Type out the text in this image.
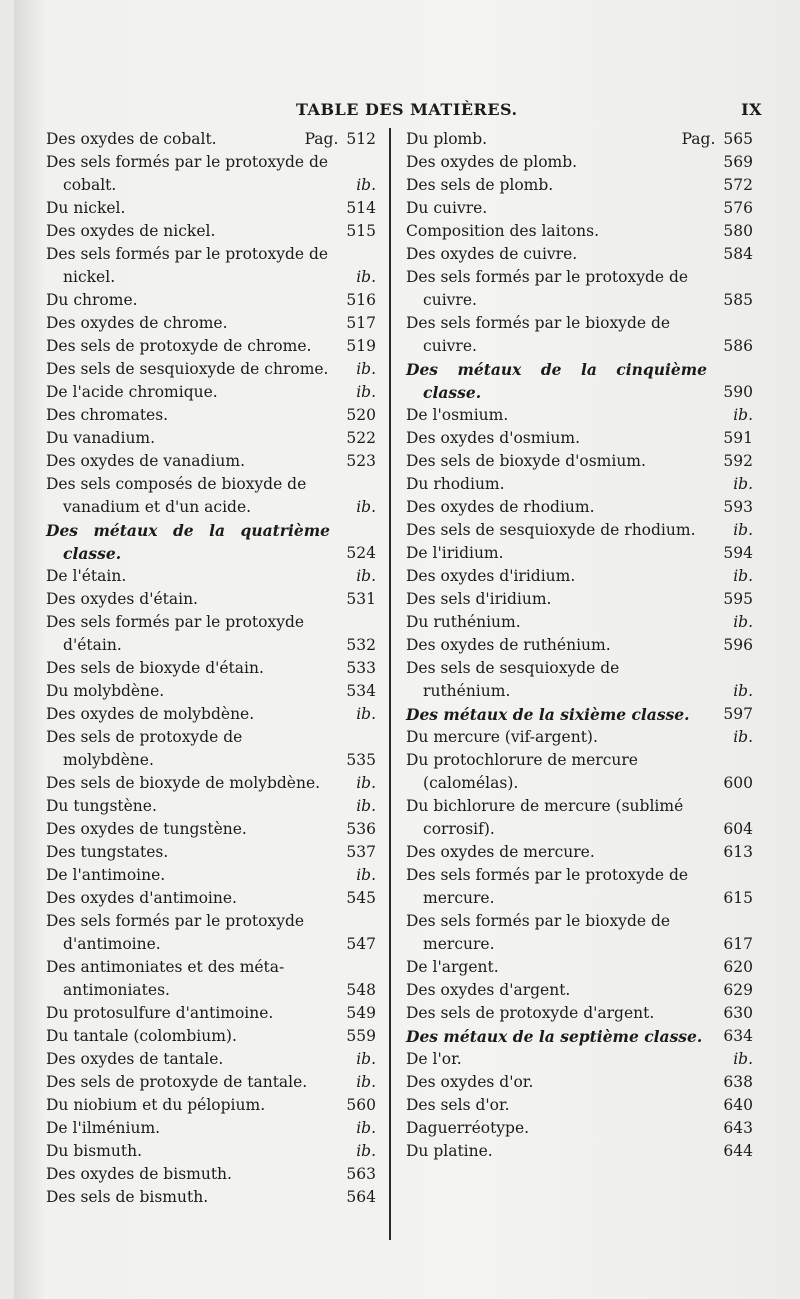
TABLE DES MATIÈRES.	IX
Des oxydes de cobalt.	Pag. 512
Des sels formés par le protoxyde de cobalt.	ib.
Du nickel.	514
Des oxydes de nickel.	515
Des sels formés par le protoxyde de nickel.	ib.
Du chrome.	516
Des oxydes de chrome.	517
Des sels de protoxyde de chrome.	519
Des sels de sesquioxyde de chrome. ib.
De l'acide chromique.	ib.
Des chromates.	520
Du vanadium.	522
Des oxydes de vanadium.	523
Des sels composés de bioxyde de vanadium et d'un acide.	ib.
Des métaux de la quatrième classe.	524
De l'étain.	ib.
Des oxydes d'étain.	531
Des sels formés par le protoxyde d'étain.	532
Des sels de bioxyde d'étain.	533
Du molybdène.	534
Des oxydes de molybdène.	ib.
Des sels de protoxyde de molybdène.	535
Des sels de bioxyde de molybdène.	ib.
Du tungstène.	ib.
Des oxydes de tungstène.	536
Des tungstates.	537
De l'antimoine.	ib.
Des oxydes d'antimoine.	545
Des sels formés par le protoxyde d'antimoine.	547
Des antimoniates et des méta-antimoniates.	548
Du protosulfure d'antimoine.	549
Du tantale (colombium).	559
Des oxydes de tantale.	ib.
Des sels de protoxyde de tantale.	ib.
Du niobium et du pélopium.	560
De l'ilménium.	ib.
Du bismuth.	ib.
Des oxydes de bismuth.	563
Des sels de bismuth.	564
Du plomb.	Pag. 565
Des oxydes de plomb.	569
Des sels de plomb.	572
Du cuivre.	576
Composition des laitons.	580
Des oxydes de cuivre.	584
Des sels formés par le protoxyde de cuivre.	585
Des sels formés par le bioxyde de cuivre.	586
Des métaux de la cinquième classe.	590
De l'osmium.	ib.
Des oxydes d'osmium.	591
Des sels de bioxyde d'osmium.	592
Du rhodium.	ib.
Des oxydes de rhodium.	593
Des sels de sesquioxyde de rhodium.	ib.
De l'iridium.	594
Des oxydes d'iridium.	ib.
Des sels d'iridium.	595
Du ruthénium.	ib.
Des oxydes de ruthénium.	596
Des sels de sesquioxyde de ruthénium.	ib.
Des métaux de la sixième classe.	597
Du mercure (vif-argent).	ib.
Du protochlorure de mercure (calomélas).	600
Du bichlorure de mercure (sublimé corrosif).	604
Des oxydes de mercure.	613
Des sels formés par le protoxyde de mercure.	615
Des sels formés par le bioxyde de mercure.	617
De l'argent.	620
Des oxydes d'argent.	629
Des sels de protoxyde d'argent.	630
Des métaux de la septième classe.	634
De l'or.	ib.
Des oxydes d'or.	638
Des sels d'or.	640
Daguerréotype.	643
Du platine.	644
